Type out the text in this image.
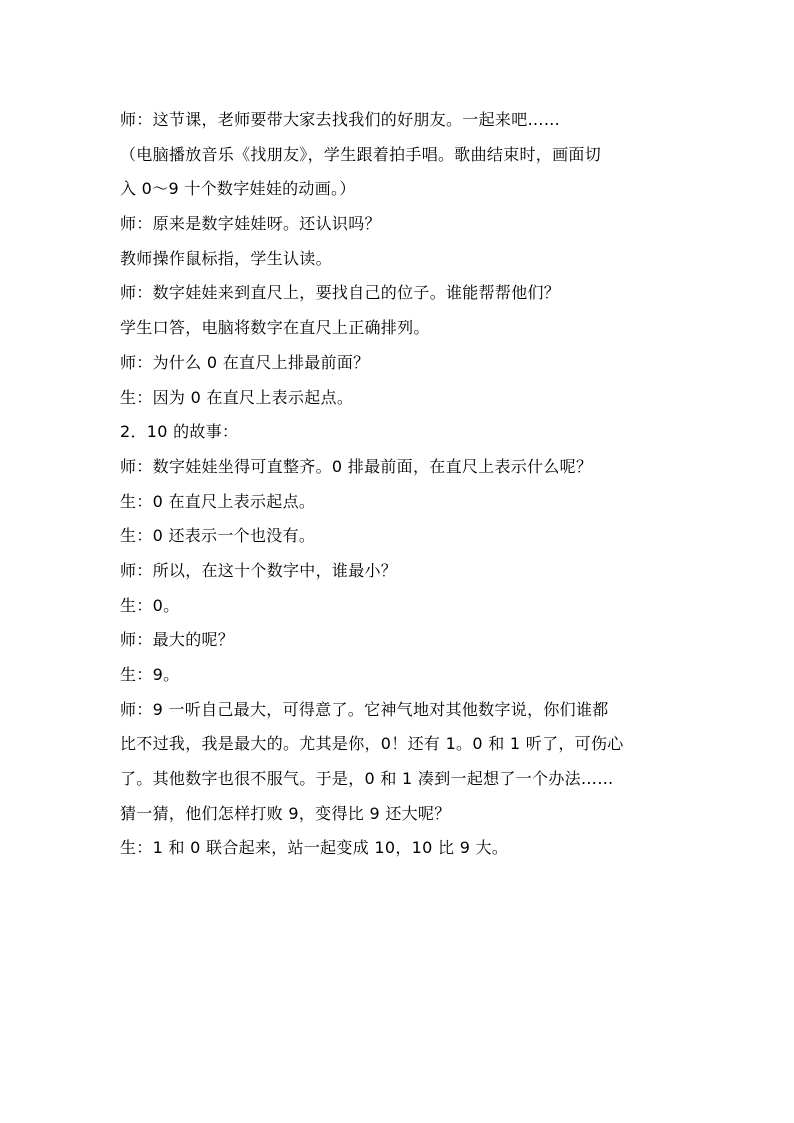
师：这节课，老师要带大家去找我们的好朋友。一起来吧……
（电脑播放音乐《找朋友》，学生跟着拍手唱。歌曲结束时，画面切
入 0～9 十个数字娃娃的动画。）
师：原来是数字娃娃呀。还认识吗？
教师操作鼠标指，学生认读。
师：数字娃娃来到直尺上，要找自己的位子。谁能帮帮他们？
学生口答，电脑将数字在直尺上正确排列。
师：为什么 0 在直尺上排最前面？
生：因为 0 在直尺上表示起点。
2．10 的故事：
师：数字娃娃坐得可直整齐。0 排最前面，在直尺上表示什么呢？
生：0 在直尺上表示起点。
生：0 还表示一个也没有。
师：所以，在这十个数字中，谁最小？
生：0。
师：最大的呢？
生：9。
师：9 一听自己最大，可得意了。它神气地对其他数字说，你们谁都
比不过我，我是最大的。尤其是你，0！还有 1。0 和 1 听了，可伤心
了。其他数字也很不服气。于是，0 和 1 凑到一起想了一个办法……
猜一猜，他们怎样打败 9，变得比 9 还大呢？
生：1 和 0 联合起来，站一起变成 10，10 比 9 大。
